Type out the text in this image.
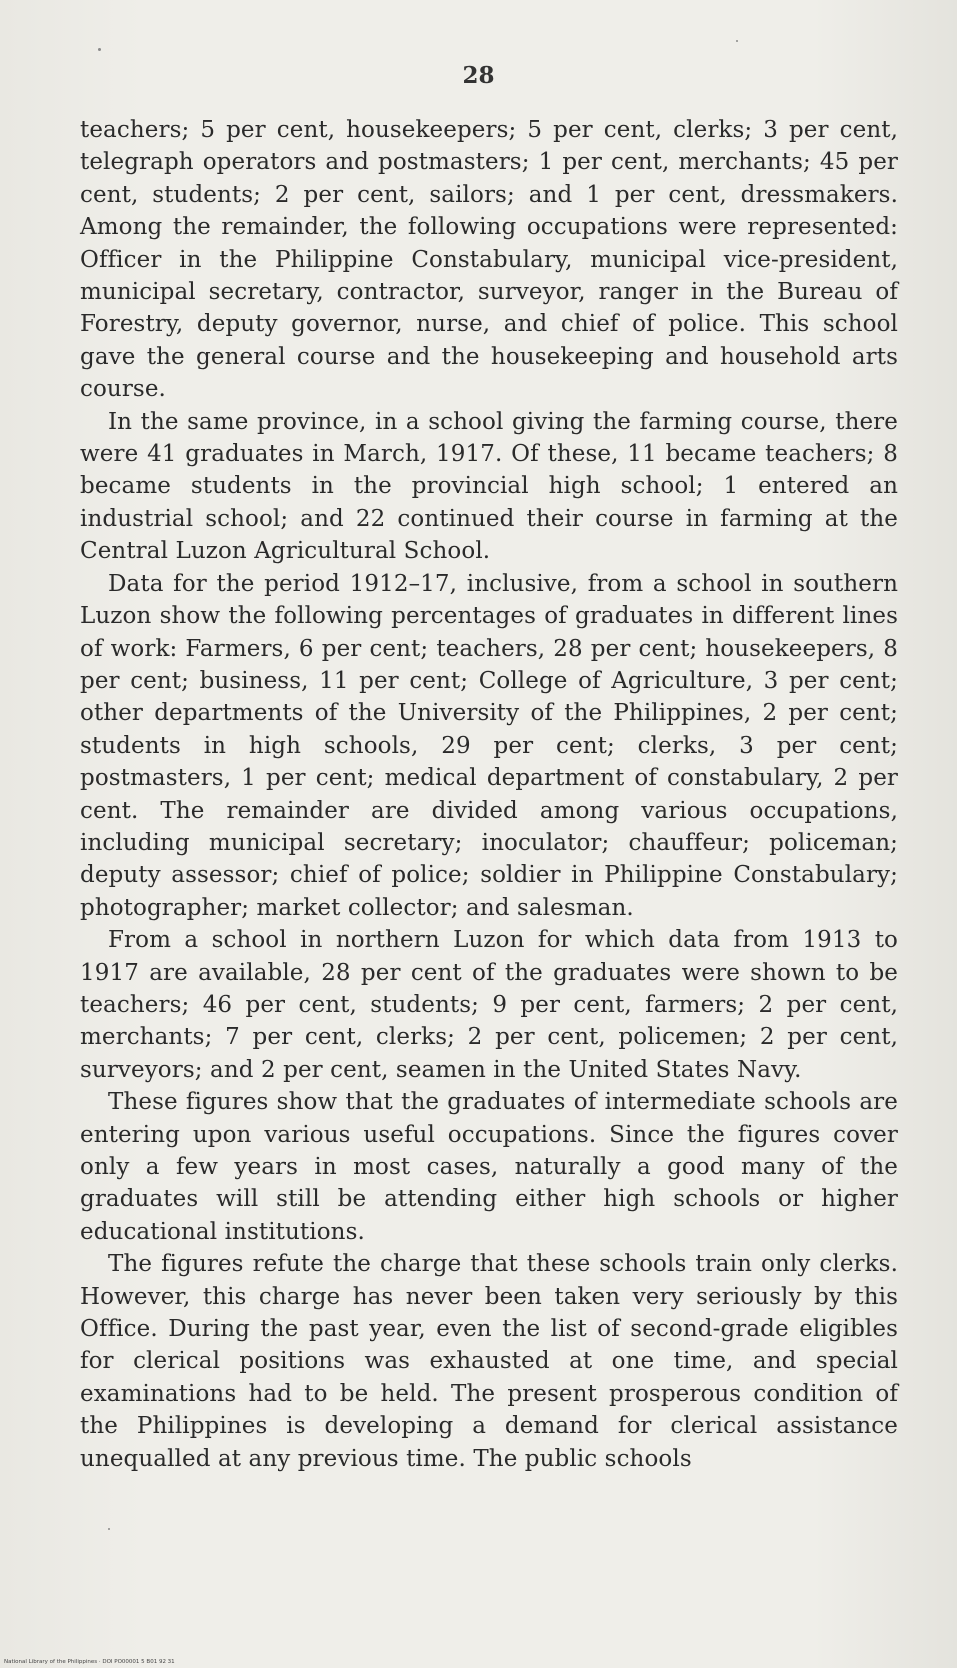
28

teachers; 5 per cent, housekeepers; 5 per cent, clerks; 3 per cent, telegraph operators and postmasters; 1 per cent, merchants; 45 per cent, students; 2 per cent, sailors; and 1 per cent, dressmakers. Among the remainder, the following occupations were represented: Officer in the Philippine Constabulary, municipal vice-president, municipal secretary, contractor, surveyor, ranger in the Bureau of Forestry, deputy governor, nurse, and chief of police. This school gave the general course and the housekeeping and household arts course.

In the same province, in a school giving the farming course, there were 41 graduates in March, 1917. Of these, 11 became teachers; 8 became students in the provincial high school; 1 entered an industrial school; and 22 continued their course in farming at the Central Luzon Agricultural School.

Data for the period 1912–17, inclusive, from a school in southern Luzon show the following percentages of graduates in different lines of work: Farmers, 6 per cent; teachers, 28 per cent; housekeepers, 8 per cent; business, 11 per cent; College of Agriculture, 3 per cent; other departments of the University of the Philippines, 2 per cent; students in high schools, 29 per cent; clerks, 3 per cent; postmasters, 1 per cent; medical department of constabulary, 2 per cent. The remainder are divided among various occupations, including municipal secretary; inoculator; chauffeur; policeman; deputy assessor; chief of police; soldier in Philippine Constabulary; photographer; market collector; and salesman.

From a school in northern Luzon for which data from 1913 to 1917 are available, 28 per cent of the graduates were shown to be teachers; 46 per cent, students; 9 per cent, farmers; 2 per cent, merchants; 7 per cent, clerks; 2 per cent, policemen; 2 per cent, surveyors; and 2 per cent, seamen in the United States Navy.

These figures show that the graduates of intermediate schools are entering upon various useful occupations. Since the figures cover only a few years in most cases, naturally a good many of the graduates will still be attending either high schools or higher educational institutions.

The figures refute the charge that these schools train only clerks. However, this charge has never been taken very seriously by this Office. During the past year, even the list of second-grade eligibles for clerical positions was exhausted at one time, and special examinations had to be held. The present prosperous condition of the Philippines is developing a demand for clerical assistance unequalled at any previous time. The public schools

National Library of the Philippines · DOI PO00001 5 B01 92 31
